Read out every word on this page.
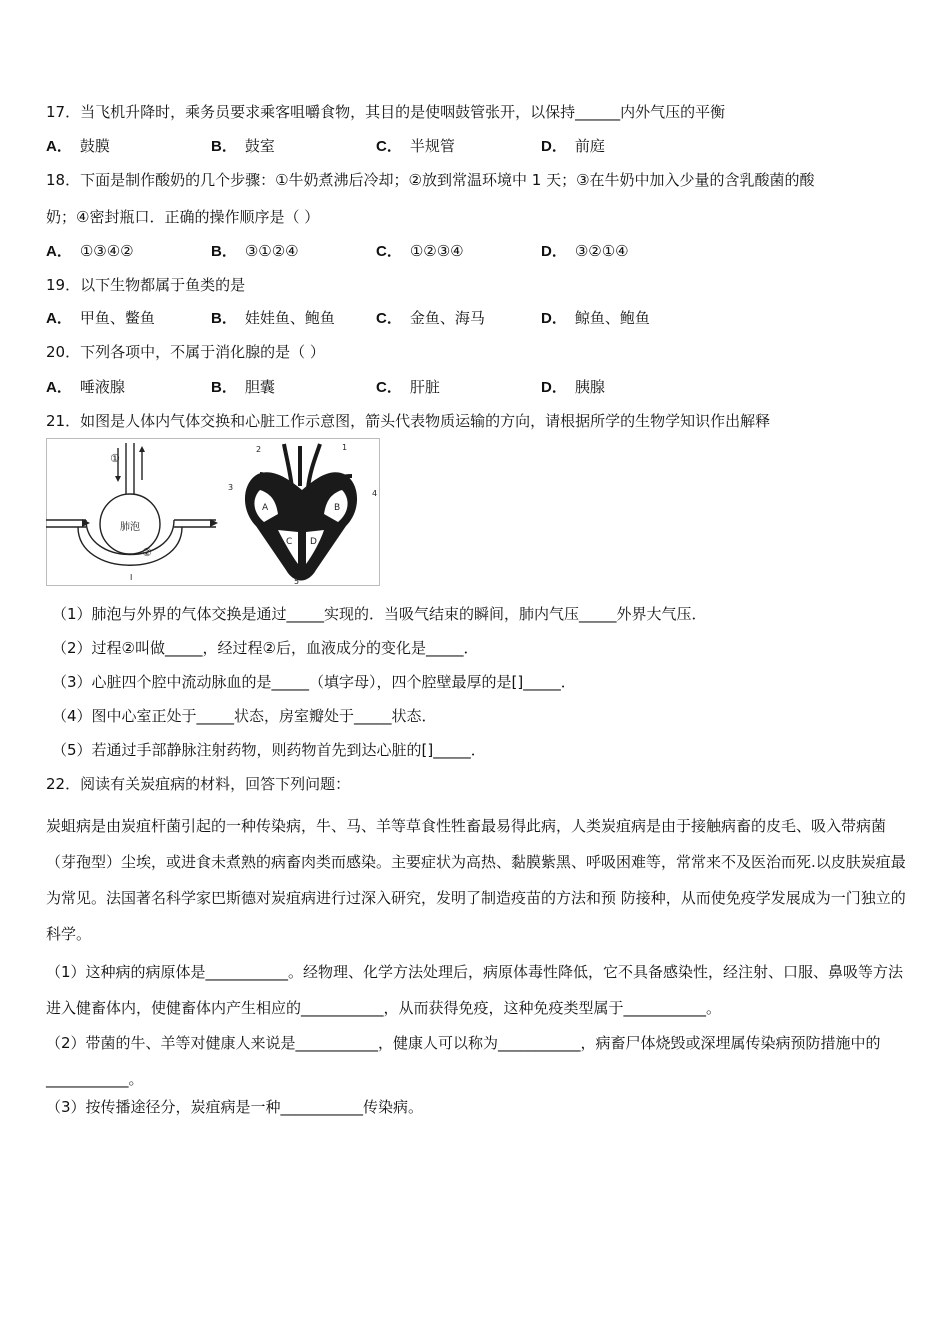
17．当飞机升降时，乘务员要求乘客咀嚼食物，其目的是使咽鼓管张开，以保持______内外气压的平衡
A． 鼓膜	B． 鼓室	C． 半规管	D． 前庭
18．下面是制作酸奶的几个步骤：①牛奶煮沸后冷却；②放到常温环境中 1 天；③在牛奶中加入少量的含乳酸菌的酸
奶；④密封瓶口．正确的操作顺序是（ ）
A． ①③④②	B． ③①②④	C． ①②③④	D． ③②①④
19．以下生物都属于鱼类的是
A． 甲鱼、鳖鱼	B． 娃娃鱼、鲍鱼	C． 金鱼、海马	D． 鲸鱼、鲍鱼
20．下列各项中，不属于消化腺的是（ ）
A． 唾液腺	B． 胆囊	C． 肝脏	D． 胰腺
21．如图是人体内气体交换和心脏工作示意图，箭头代表物质运输的方向，请根据所学的生物学知识作出解释
①
肺泡
②
I
2	1
3
4
5
A	B
C D
（1）肺泡与外界的气体交换是通过_____实现的．当吸气结束的瞬间，肺内气压_____外界大气压．
（2）过程②叫做_____，经过程②后，血液成分的变化是_____．
（3）心脏四个腔中流动脉血的是_____（填字母），四个腔壁最厚的是[]_____．
（4）图中心室正处于_____状态，房室瓣处于_____状态．
（5）若通过手部静脉注射药物，则药物首先到达心脏的[]_____．
22．阅读有关炭疽病的材料，回答下列问题：
炭蛆病是由炭疽杆菌引起的一种传染病，牛、马、羊等草食性牲畜最易得此病，人类炭疽病是由于接触病畜的皮毛、吸入带病菌（芽孢型）尘埃，或进食未煮熟的病畜肉类而感染。主要症状为高热、黏膜紫黑、呼吸困难等，常常来不及医治而死.以皮肤炭疽最为常见。法国著名科学家巴斯德对炭疽病进行过深入研究，发明了制造疫苗的方法和预 防接种，从而使免疫学发展成为一门独立的科学。
（1）这种病的病原体是___________。经物理、化学方法处理后，病原体毒性降低，它不具备感染性，经注射、口服、鼻吸等方法进入健畜体内，使健畜体内产生相应的___________，从而获得免疫，这种免疫类型属于___________。
（2）带菌的牛、羊等对健康人来说是___________，健康人可以称为___________，病畜尸体烧毁或深埋属传染病预防措施中的___________。
（3）按传播途径分，炭疽病是一种___________传染病。
